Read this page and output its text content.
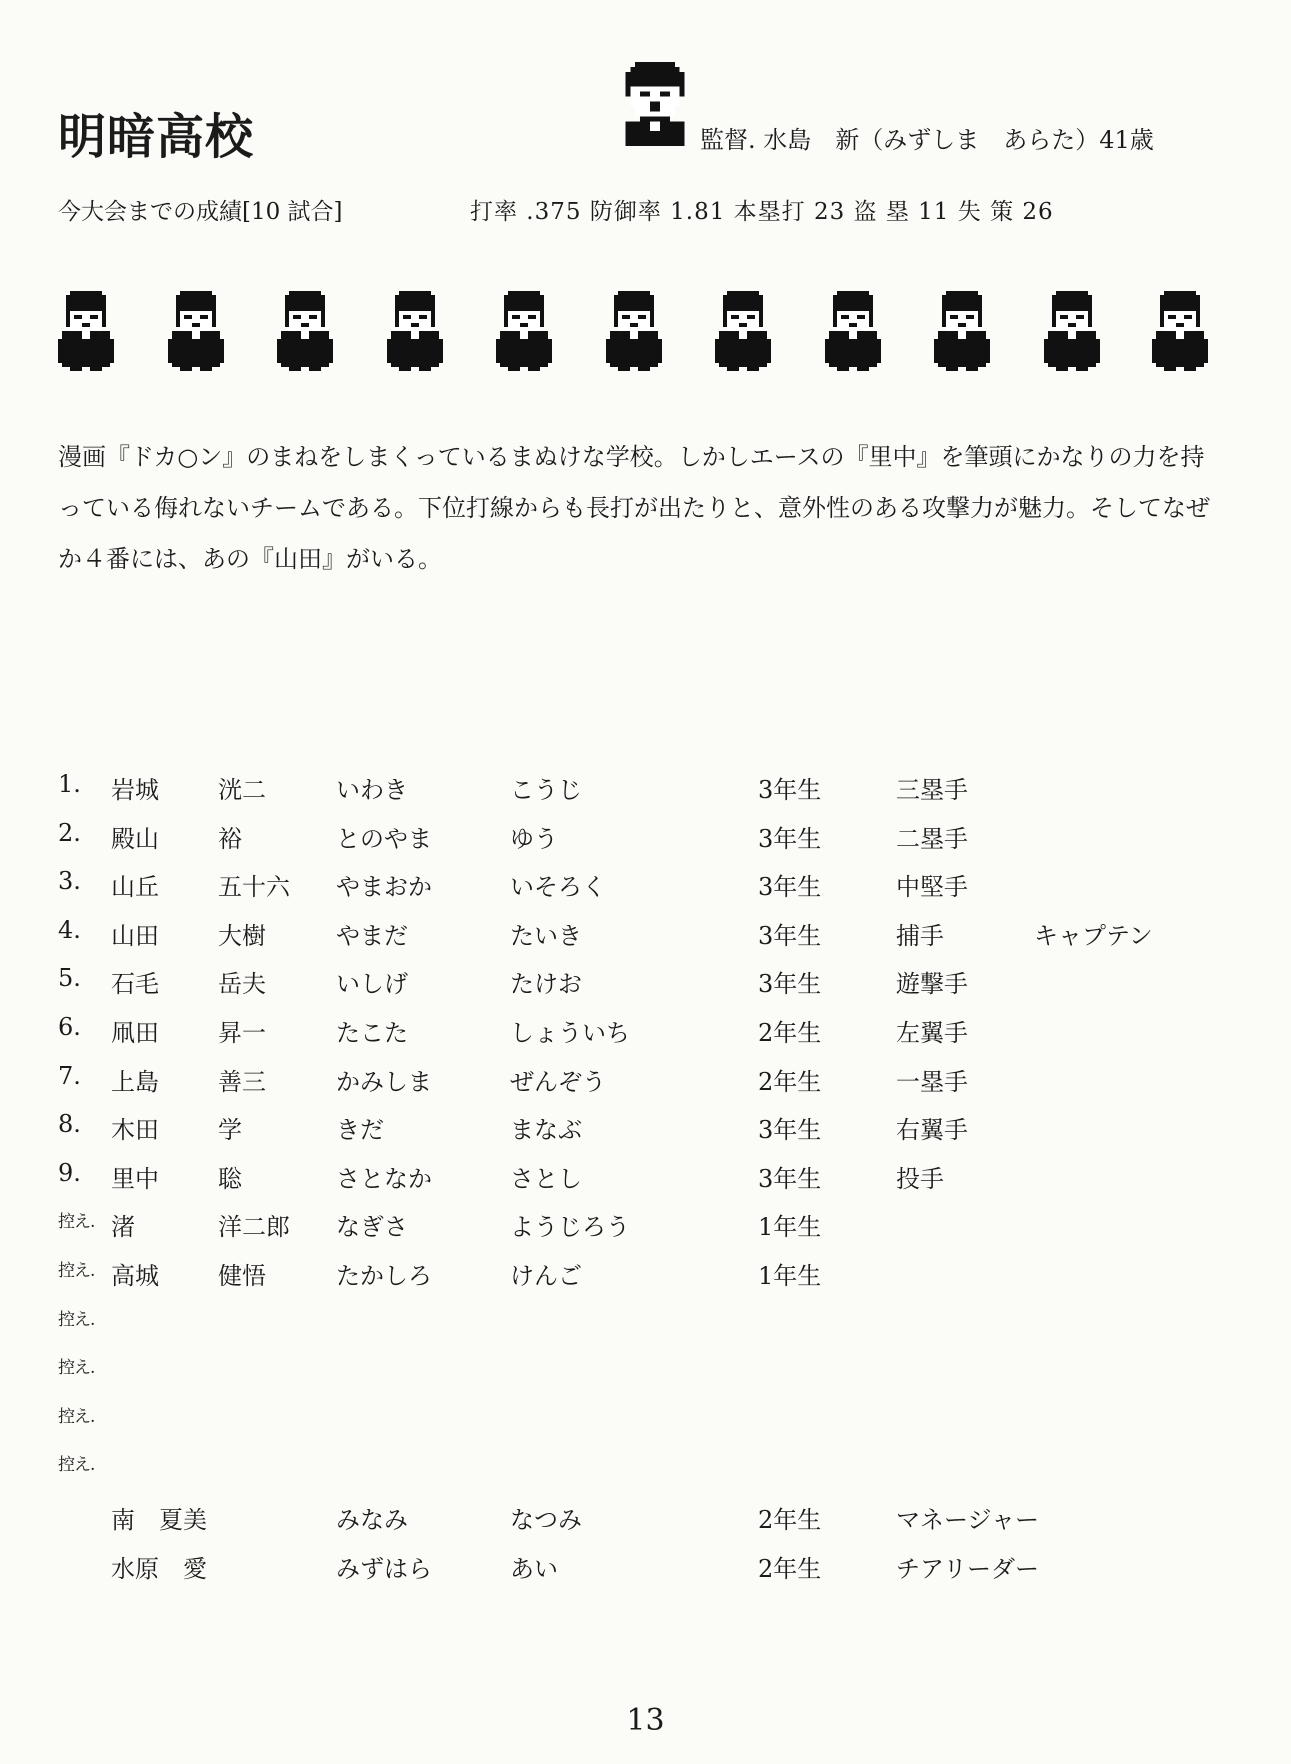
明暗高校	監督. 水島　新（みずしま　あらた）41歳
今大会までの成績[10 試合]	打率 .375 防御率 1.81 本塁打 23 盗 塁 11 失 策 26

漫画『ドカ○ン』のまねをしまくっているまぬけな学校。しかしエースの『里中』を筆頭にかなりの力を持っている侮れないチームである。下位打線からも長打が出たりと、意外性のある攻撃力が魅力。そしてなぜか４番には、あの『山田』がいる。

1. 岩城 洸二	いわき	こうじ	3年生	三塁手
2. 殿山 裕	とのやま	ゆう	3年生	二塁手
3. 山丘 五十六 やまおか	いそろく	3年生	中堅手
4. 山田 大樹	やまだ	たいき	3年生	捕手	キャプテン
5. 石毛 岳夫	いしげ	たけお	3年生	遊撃手
6. 凧田 昇一	たこた	しょういち	2年生	左翼手
7. 上島 善三	かみしま	ぜんぞう	2年生	一塁手
8. 木田 学	きだ	まなぶ	3年生	右翼手
9. 里中 聡	さとなか	さとし	3年生	投手
控え. 渚	洋二郎 なぎさ	ようじろう	1年生
控え. 高城 健悟	たかしろ	けんご	1年生
控え.
控え.
控え.
控え.
南　夏美	みなみ	なつみ	2年生	マネージャー
水原　愛	みずはら	あい	2年生	チアリーダー
13
